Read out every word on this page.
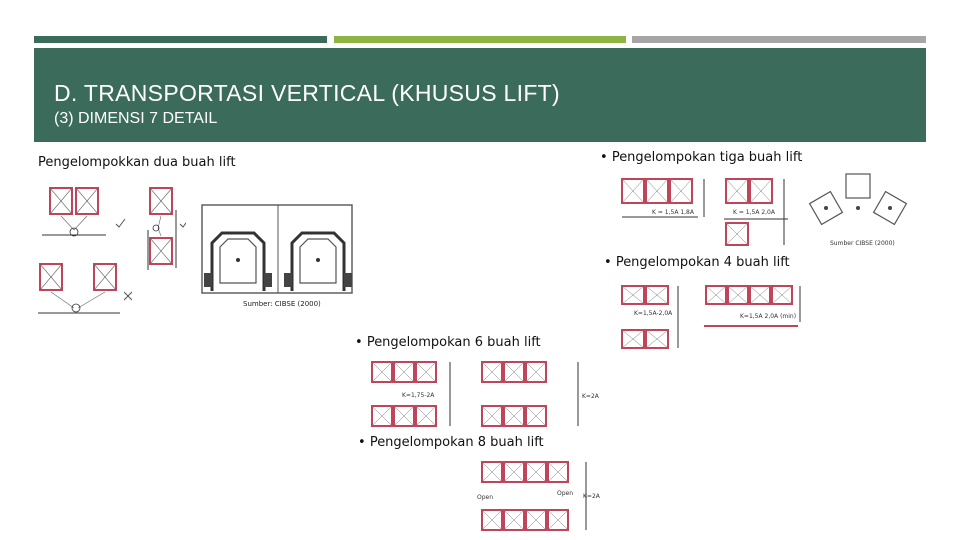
D. TRANSPORTASI VERTICAL (KHUSUS LIFT)
(3) DIMENSI 7 DETAIL
Pengelompokkan dua buah lift
Sumber: CIBSE (2000)
• Pengelompokan tiga buah lift
K = 1,5A 1,8A	K = 1,5A 2,0A
Sumber CIBSE (2000)
• Pengelompokan 4 buah lift
K=1,5A-2,0A	K=1,5A 2,0A (min)
• Pengelompokan 6 buah lift
K=1,75-2A	K=2A
• Pengelompokan 8 buah lift
Open
Open K=2A
